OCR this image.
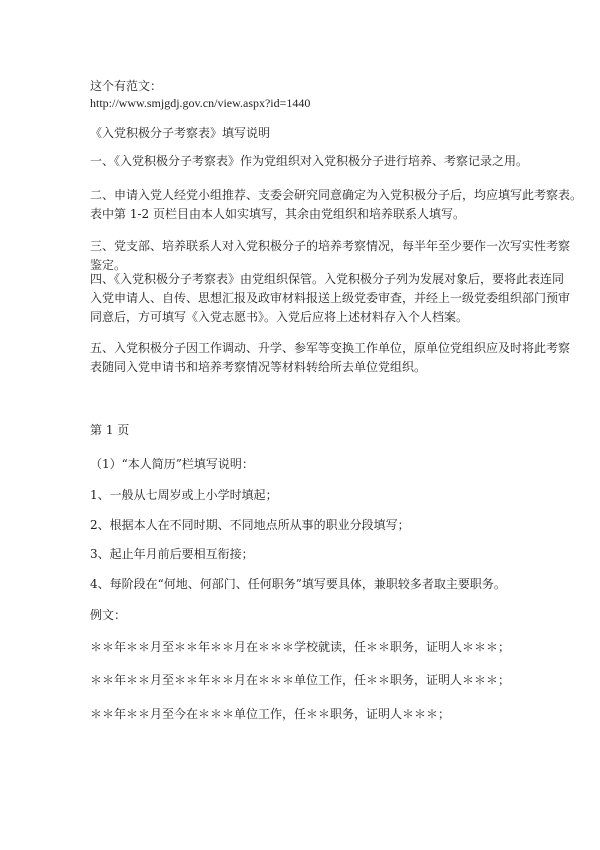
这个有范文：
http://www.smjgdj.gov.cn/view.aspx?id=1440
《入党积极分子考察表》填写说明
一、《入党积极分子考察表》作为党组织对入党积极分子进行培养、考察记录之用。
二、申请入党人经党小组推荐、支委会研究同意确定为入党积极分子后，均应填写此考察表。
表中第 1-2 页栏目由本人如实填写，其余由党组织和培养联系人填写。
三、党支部、培养联系人对入党积极分子的培养考察情况，每半年至少要作一次写实性考察
鉴定。
四、《入党积极分子考察表》由党组织保管。入党积极分子列为发展对象后，要将此表连同
入党申请人、自传、思想汇报及政审材料报送上级党委审查，并经上一级党委组织部门预审
同意后，方可填写《入党志愿书》。入党后应将上述材料存入个人档案。
五、入党积极分子因工作调动、升学、参军等变换工作单位，原单位党组织应及时将此考察
表随同入党申请书和培养考察情况等材料转给所去单位党组织。
第 1 页
（1）“本人简历”栏填写说明：
1、一般从七周岁或上小学时填起；
2、根据本人在不同时期、不同地点所从事的职业分段填写；
3、起止年月前后要相互衔接；
4、每阶段在“何地、何部门、任何职务”填写要具体，兼职较多者取主要职务。
例文：
＊＊年＊＊月至＊＊年＊＊月在＊＊＊学校就读，任＊＊职务，证明人＊＊＊；
＊＊年＊＊月至＊＊年＊＊月在＊＊＊单位工作，任＊＊职务，证明人＊＊＊；
＊＊年＊＊月至今在＊＊＊单位工作，任＊＊职务，证明人＊＊＊；
